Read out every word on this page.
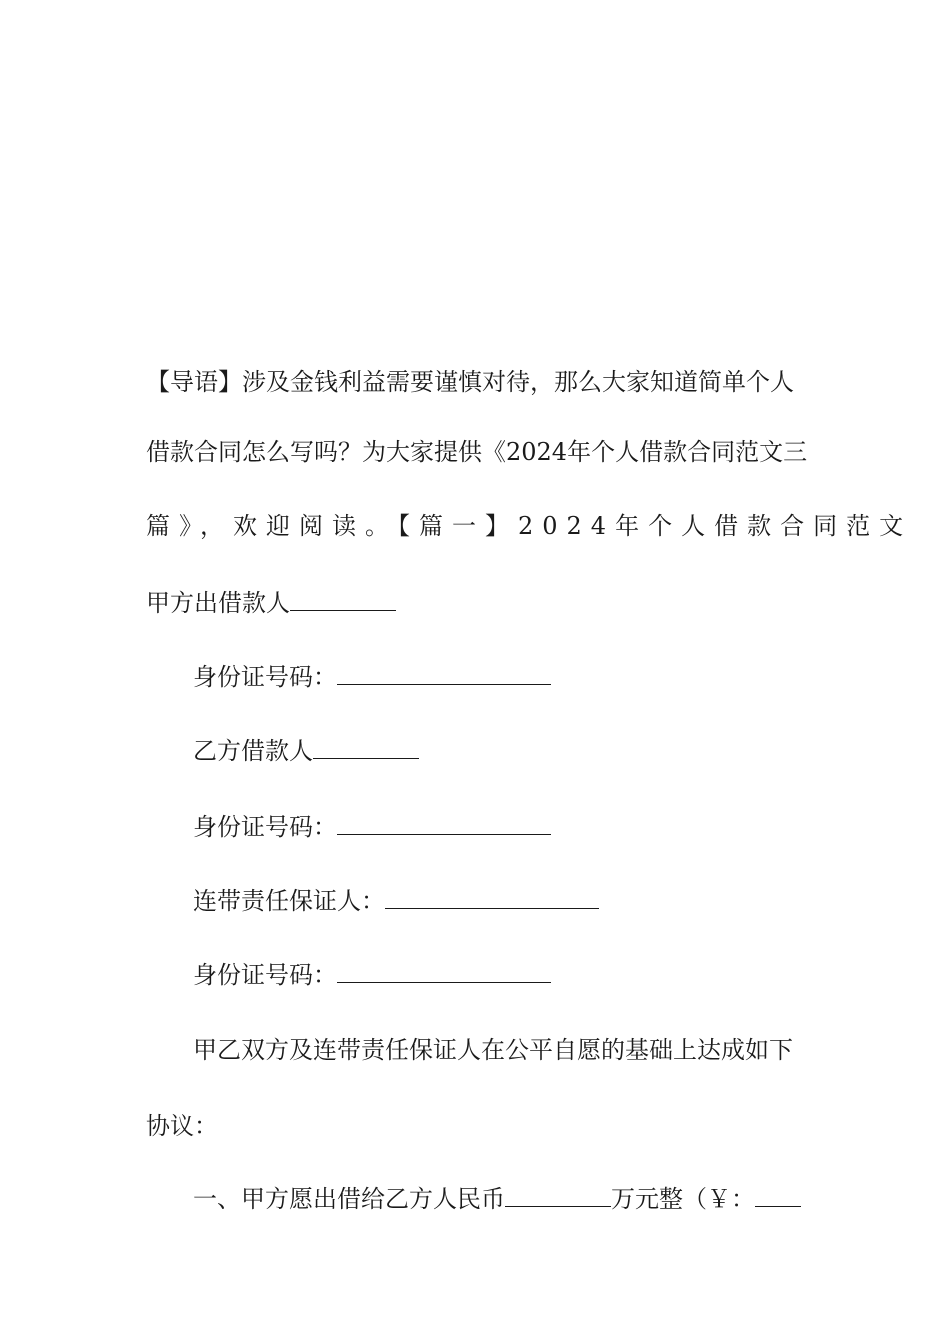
【导语】涉及金钱利益需要谨慎对待，那么大家知道简单个人
借款合同怎么写吗？为大家提供《2024年个人借款合同范文三
篇》，欢迎阅读。【篇一】2024年个人借款合同范文
甲方出借款人
身份证号码：
乙方借款人
身份证号码：
连带责任保证人：
身份证号码：
甲乙双方及连带责任保证人在公平自愿的基础上达成如下
协议：
一、甲方愿出借给乙方人民币	万元整（￥：
